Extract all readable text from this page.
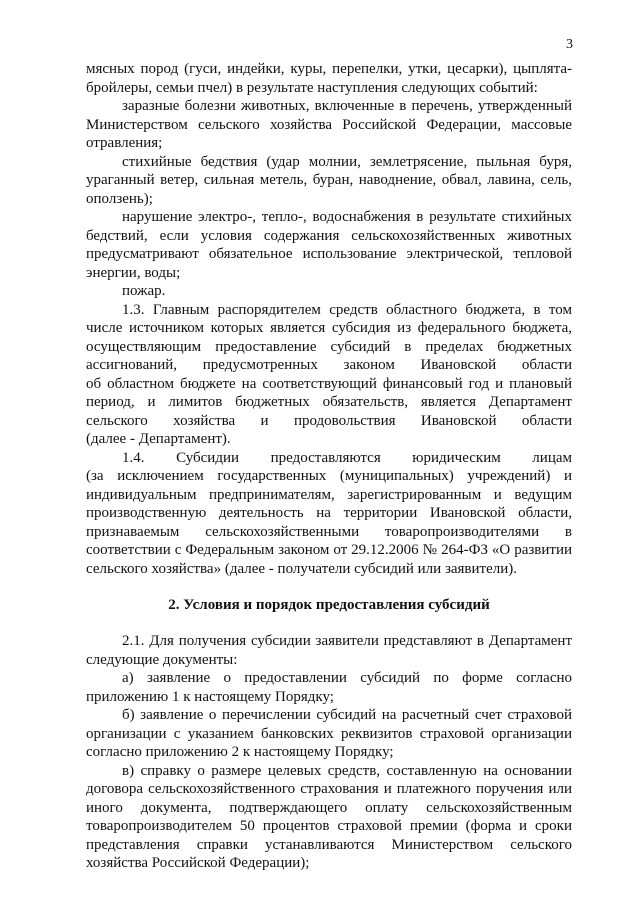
3
мясных пород (гуси, индейки, куры, перепелки, утки, цесарки), цыплята-
бройлеры, семьи пчел) в результате наступления следующих событий:
заразные болезни животных, включенные в перечень, утвержденный
Министерством сельского хозяйства Российской Федерации, массовые
отравления;
стихийные бедствия (удар молнии, землетрясение, пыльная буря,
ураганный ветер, сильная метель, буран, наводнение, обвал, лавина, сель,
оползень);
нарушение электро-, тепло-, водоснабжения в результате стихийных
бедствий, если условия содержания сельскохозяйственных животных
предусматривают обязательное использование электрической, тепловой
энергии, воды;
пожар.
1.3. Главным распорядителем средств областного бюджета, в том
числе источником которых является субсидия из федерального бюджета,
осуществляющим предоставление субсидий в пределах бюджетных
ассигнований, предусмотренных законом Ивановской области
об областном бюджете на соответствующий финансовый год и плановый
период, и лимитов бюджетных обязательств, является Департамент
сельского хозяйства и продовольствия Ивановской области
(далее - Департамент).
1.4. Субсидии предоставляются юридическим лицам
(за исключением государственных (муниципальных) учреждений) и
индивидуальным предпринимателям, зарегистрированным и ведущим
производственную деятельность на территории Ивановской области,
признаваемым сельскохозяйственными товаропроизводителями в
соответствии с Федеральным законом от 29.12.2006 № 264-ФЗ «О развитии
сельского хозяйства» (далее - получатели субсидий или заявители).
2. Условия и порядок предоставления субсидий
2.1. Для получения субсидии заявители представляют в Департамент
следующие документы:
а) заявление о предоставлении субсидий по форме согласно
приложению 1 к настоящему Порядку;
б) заявление о перечислении субсидий на расчетный счет страховой
организации с указанием банковских реквизитов страховой организации
согласно приложению 2 к настоящему Порядку;
в) справку о размере целевых средств, составленную на основании
договора сельскохозяйственного страхования и платежного поручения или
иного документа, подтверждающего оплату сельскохозяйственным
товаропроизводителем 50 процентов страховой премии (форма и сроки
представления справки устанавливаются Министерством сельского
хозяйства Российской Федерации);
